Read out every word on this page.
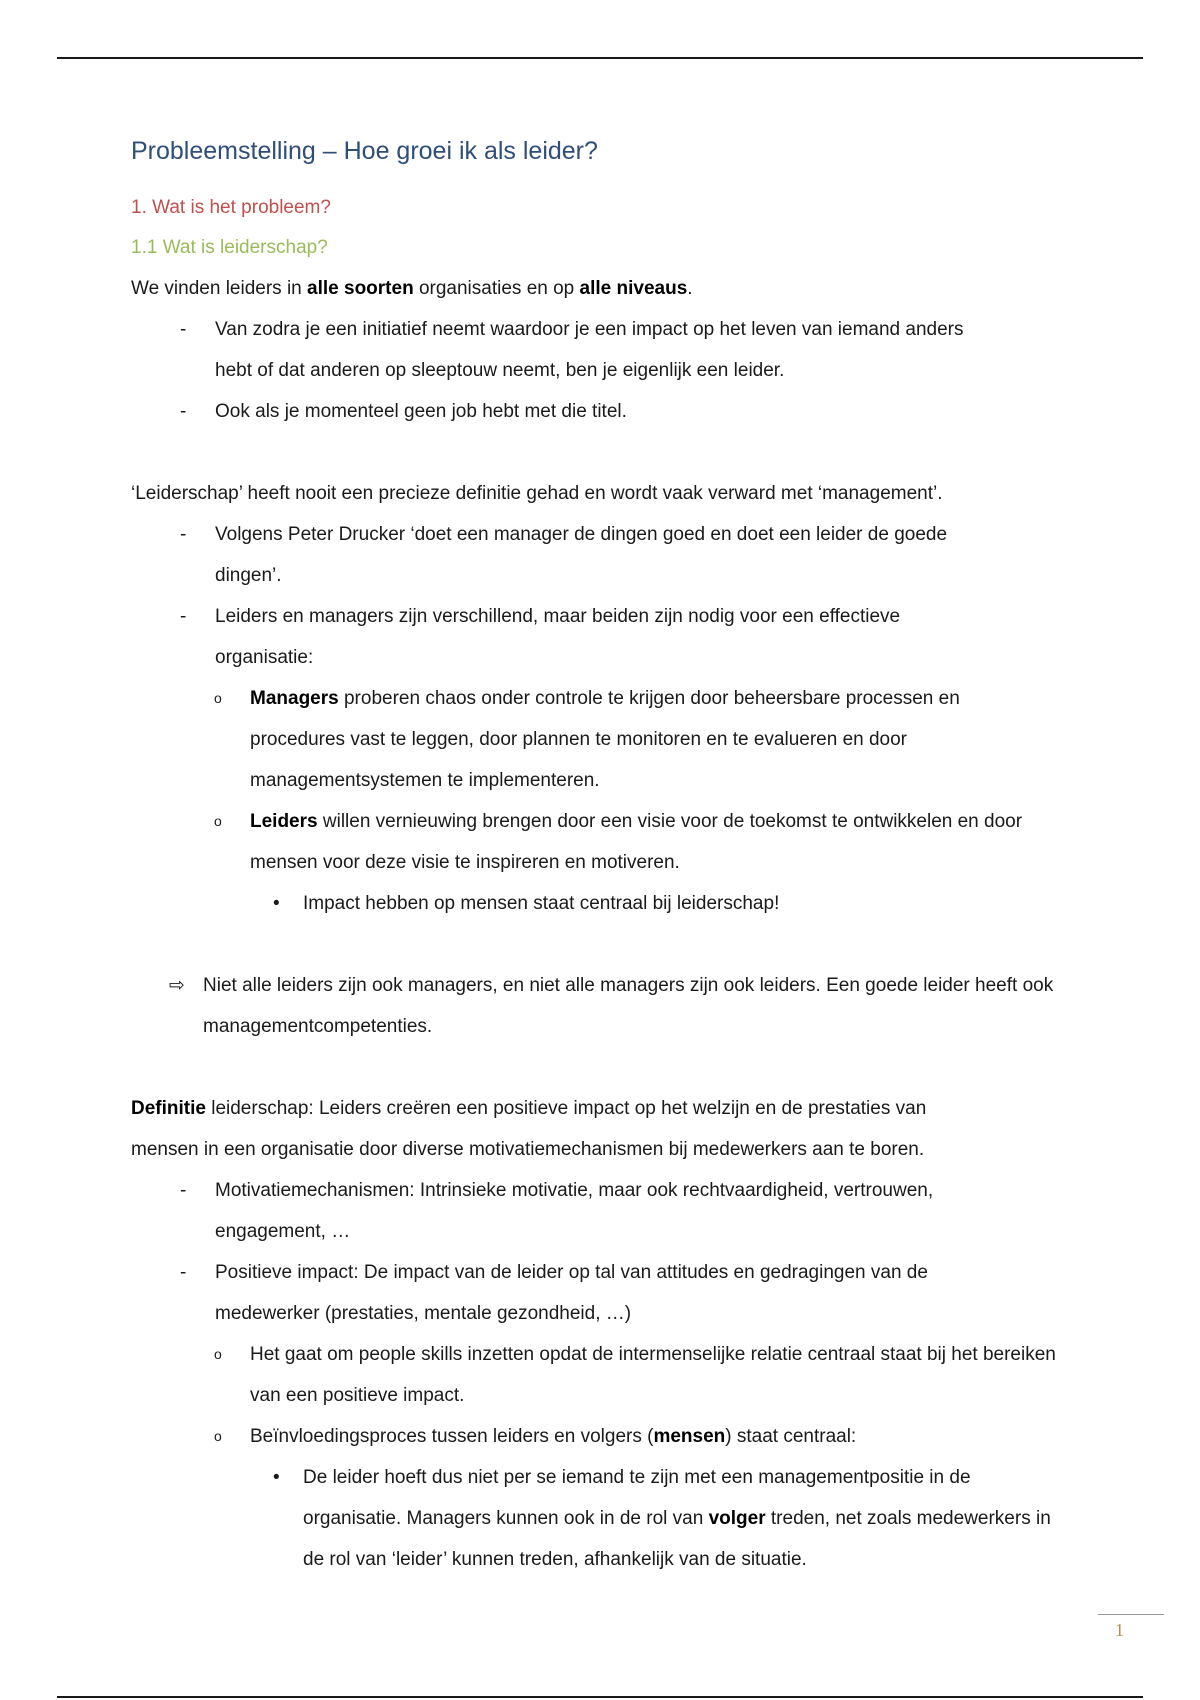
Probleemstelling – Hoe groei ik als leider?
1. Wat is het probleem?
1.1 Wat is leiderschap?
We vinden leiders in alle soorten organisaties en op alle niveaus.
- Van zodra je een initiatief neemt waardoor je een impact op het leven van iemand anders hebt of dat anderen op sleeptouw neemt, ben je eigenlijk een leider.
- Ook als je momenteel geen job hebt met die titel.
‘Leiderschap’ heeft nooit een precieze definitie gehad en wordt vaak verward met ‘management’.
- Volgens Peter Drucker ‘doet een manager de dingen goed en doet een leider de goede dingen’.
- Leiders en managers zijn verschillend, maar beiden zijn nodig voor een effectieve organisatie:
o Managers proberen chaos onder controle te krijgen door beheersbare processen en procedures vast te leggen, door plannen te monitoren en te evalueren en door managementsystemen te implementeren.
o Leiders willen vernieuwing brengen door een visie voor de toekomst te ontwikkelen en door mensen voor deze visie te inspireren en motiveren.
• Impact hebben op mensen staat centraal bij leiderschap!
⇨ Niet alle leiders zijn ook managers, en niet alle managers zijn ook leiders. Een goede leider heeft ook managementcompetenties.
Definitie leiderschap: Leiders creëren een positieve impact op het welzijn en de prestaties van mensen in een organisatie door diverse motivatiemechanismen bij medewerkers aan te boren.
- Motivatiemechanismen: Intrinsieke motivatie, maar ook rechtvaardigheid, vertrouwen, engagement, …
- Positieve impact: De impact van de leider op tal van attitudes en gedragingen van de medewerker (prestaties, mentale gezondheid, …)
o Het gaat om people skills inzetten opdat de intermenselijke relatie centraal staat bij het bereiken van een positieve impact.
o Beïnvloedingsproces tussen leiders en volgers (mensen) staat centraal:
• De leider hoeft dus niet per se iemand te zijn met een managementpositie in de organisatie. Managers kunnen ook in de rol van volger treden, net zoals medewerkers in de rol van ‘leider’ kunnen treden, afhankelijk van de situatie.
1
